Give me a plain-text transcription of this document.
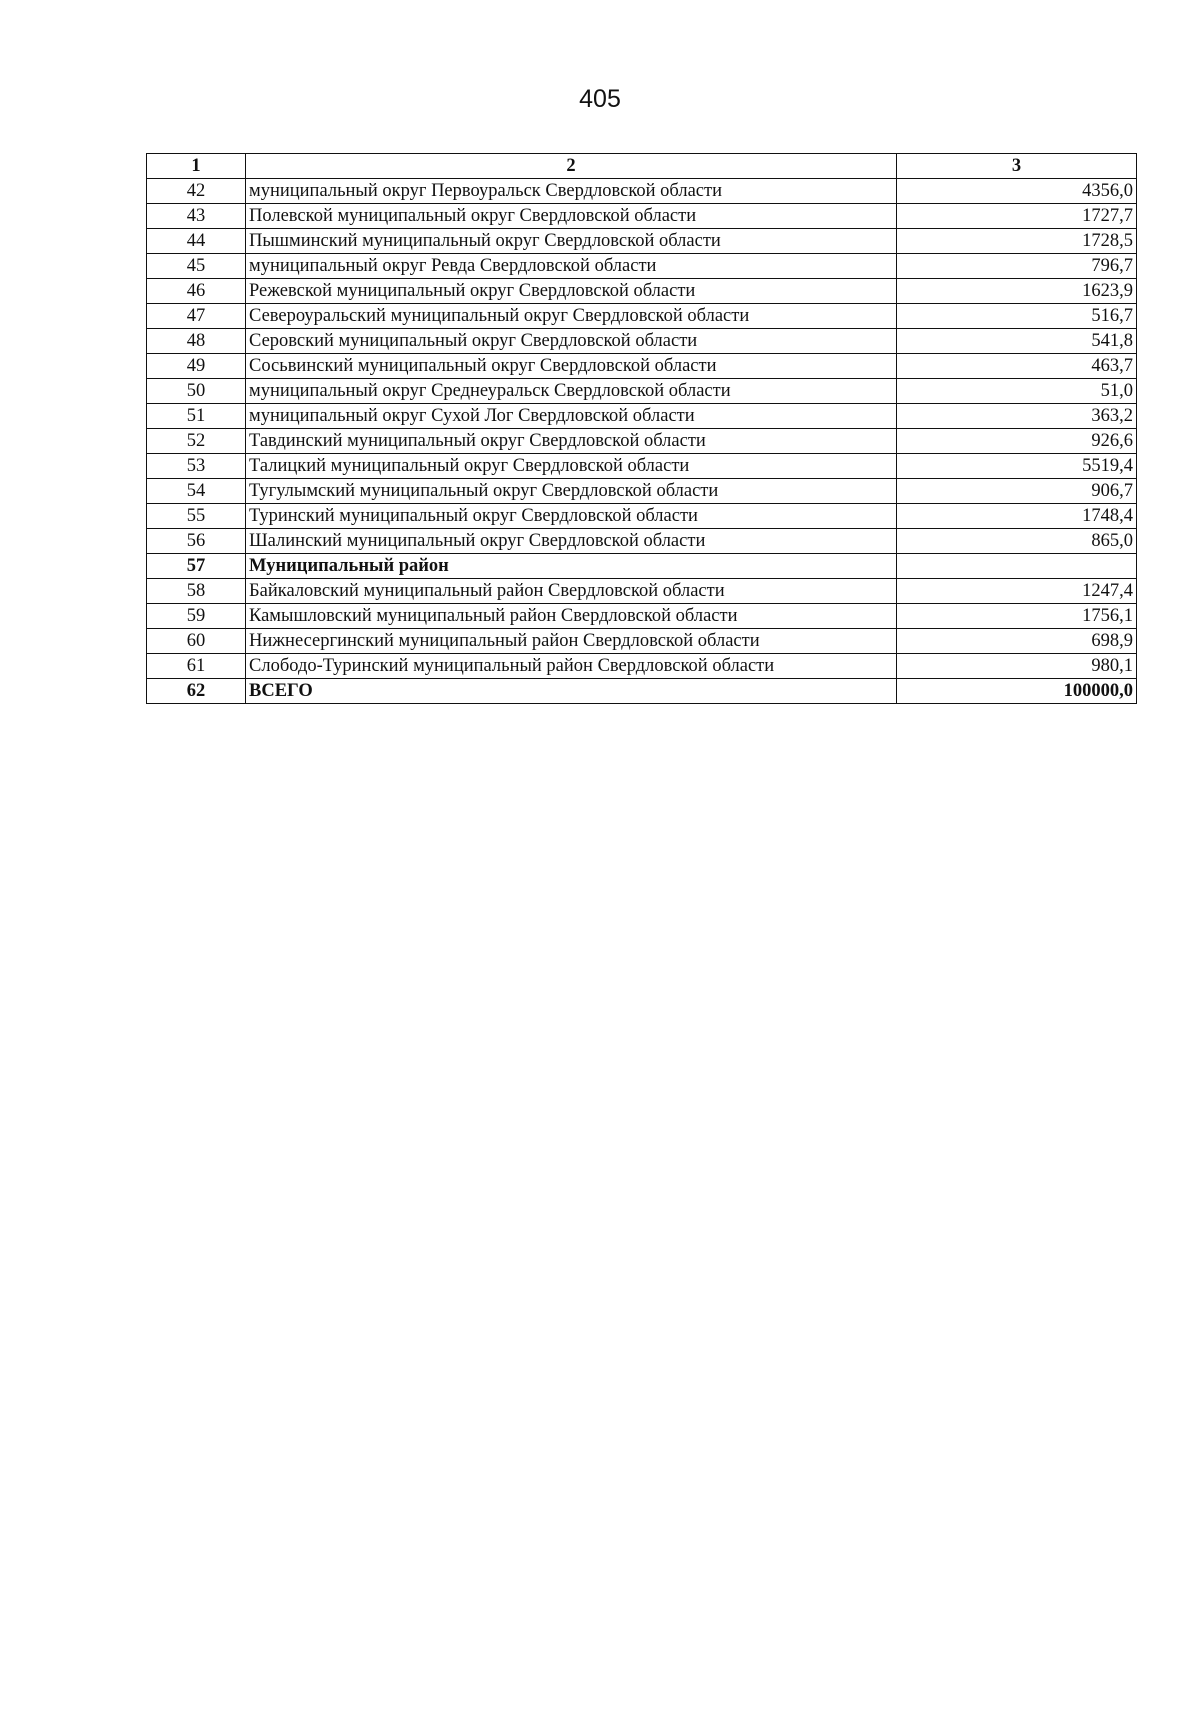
405
1	2	3
42	муниципальный округ Первоуральск Свердловской области	4356,0
43	Полевской муниципальный округ Свердловской области	1727,7
44	Пышминский муниципальный округ Свердловской области	1728,5
45	муниципальный округ Ревда Свердловской области	796,7
46	Режевской муниципальный округ Свердловской области	1623,9
47	Североуральский муниципальный округ Свердловской области	516,7
48	Серовский муниципальный округ Свердловской области	541,8
49	Сосьвинский муниципальный округ Свердловской области	463,7
50	муниципальный округ Среднеуральск Свердловской области	51,0
51	муниципальный округ Сухой Лог Свердловской области	363,2
52	Тавдинский муниципальный округ Свердловской области	926,6
53	Талицкий муниципальный округ Свердловской области	5519,4
54	Тугулымский муниципальный округ Свердловской области	906,7
55	Туринский муниципальный округ Свердловской области	1748,4
56	Шалинский муниципальный округ Свердловской области	865,0
57	Муниципальный район	
58	Байкаловский муниципальный район Свердловской области	1247,4
59	Камышловский муниципальный район Свердловской области	1756,1
60	Нижнесергинский муниципальный район Свердловской области	698,9
61	Слободо-Туринский муниципальный район Свердловской области	980,1
62	ВСЕГО	100000,0
